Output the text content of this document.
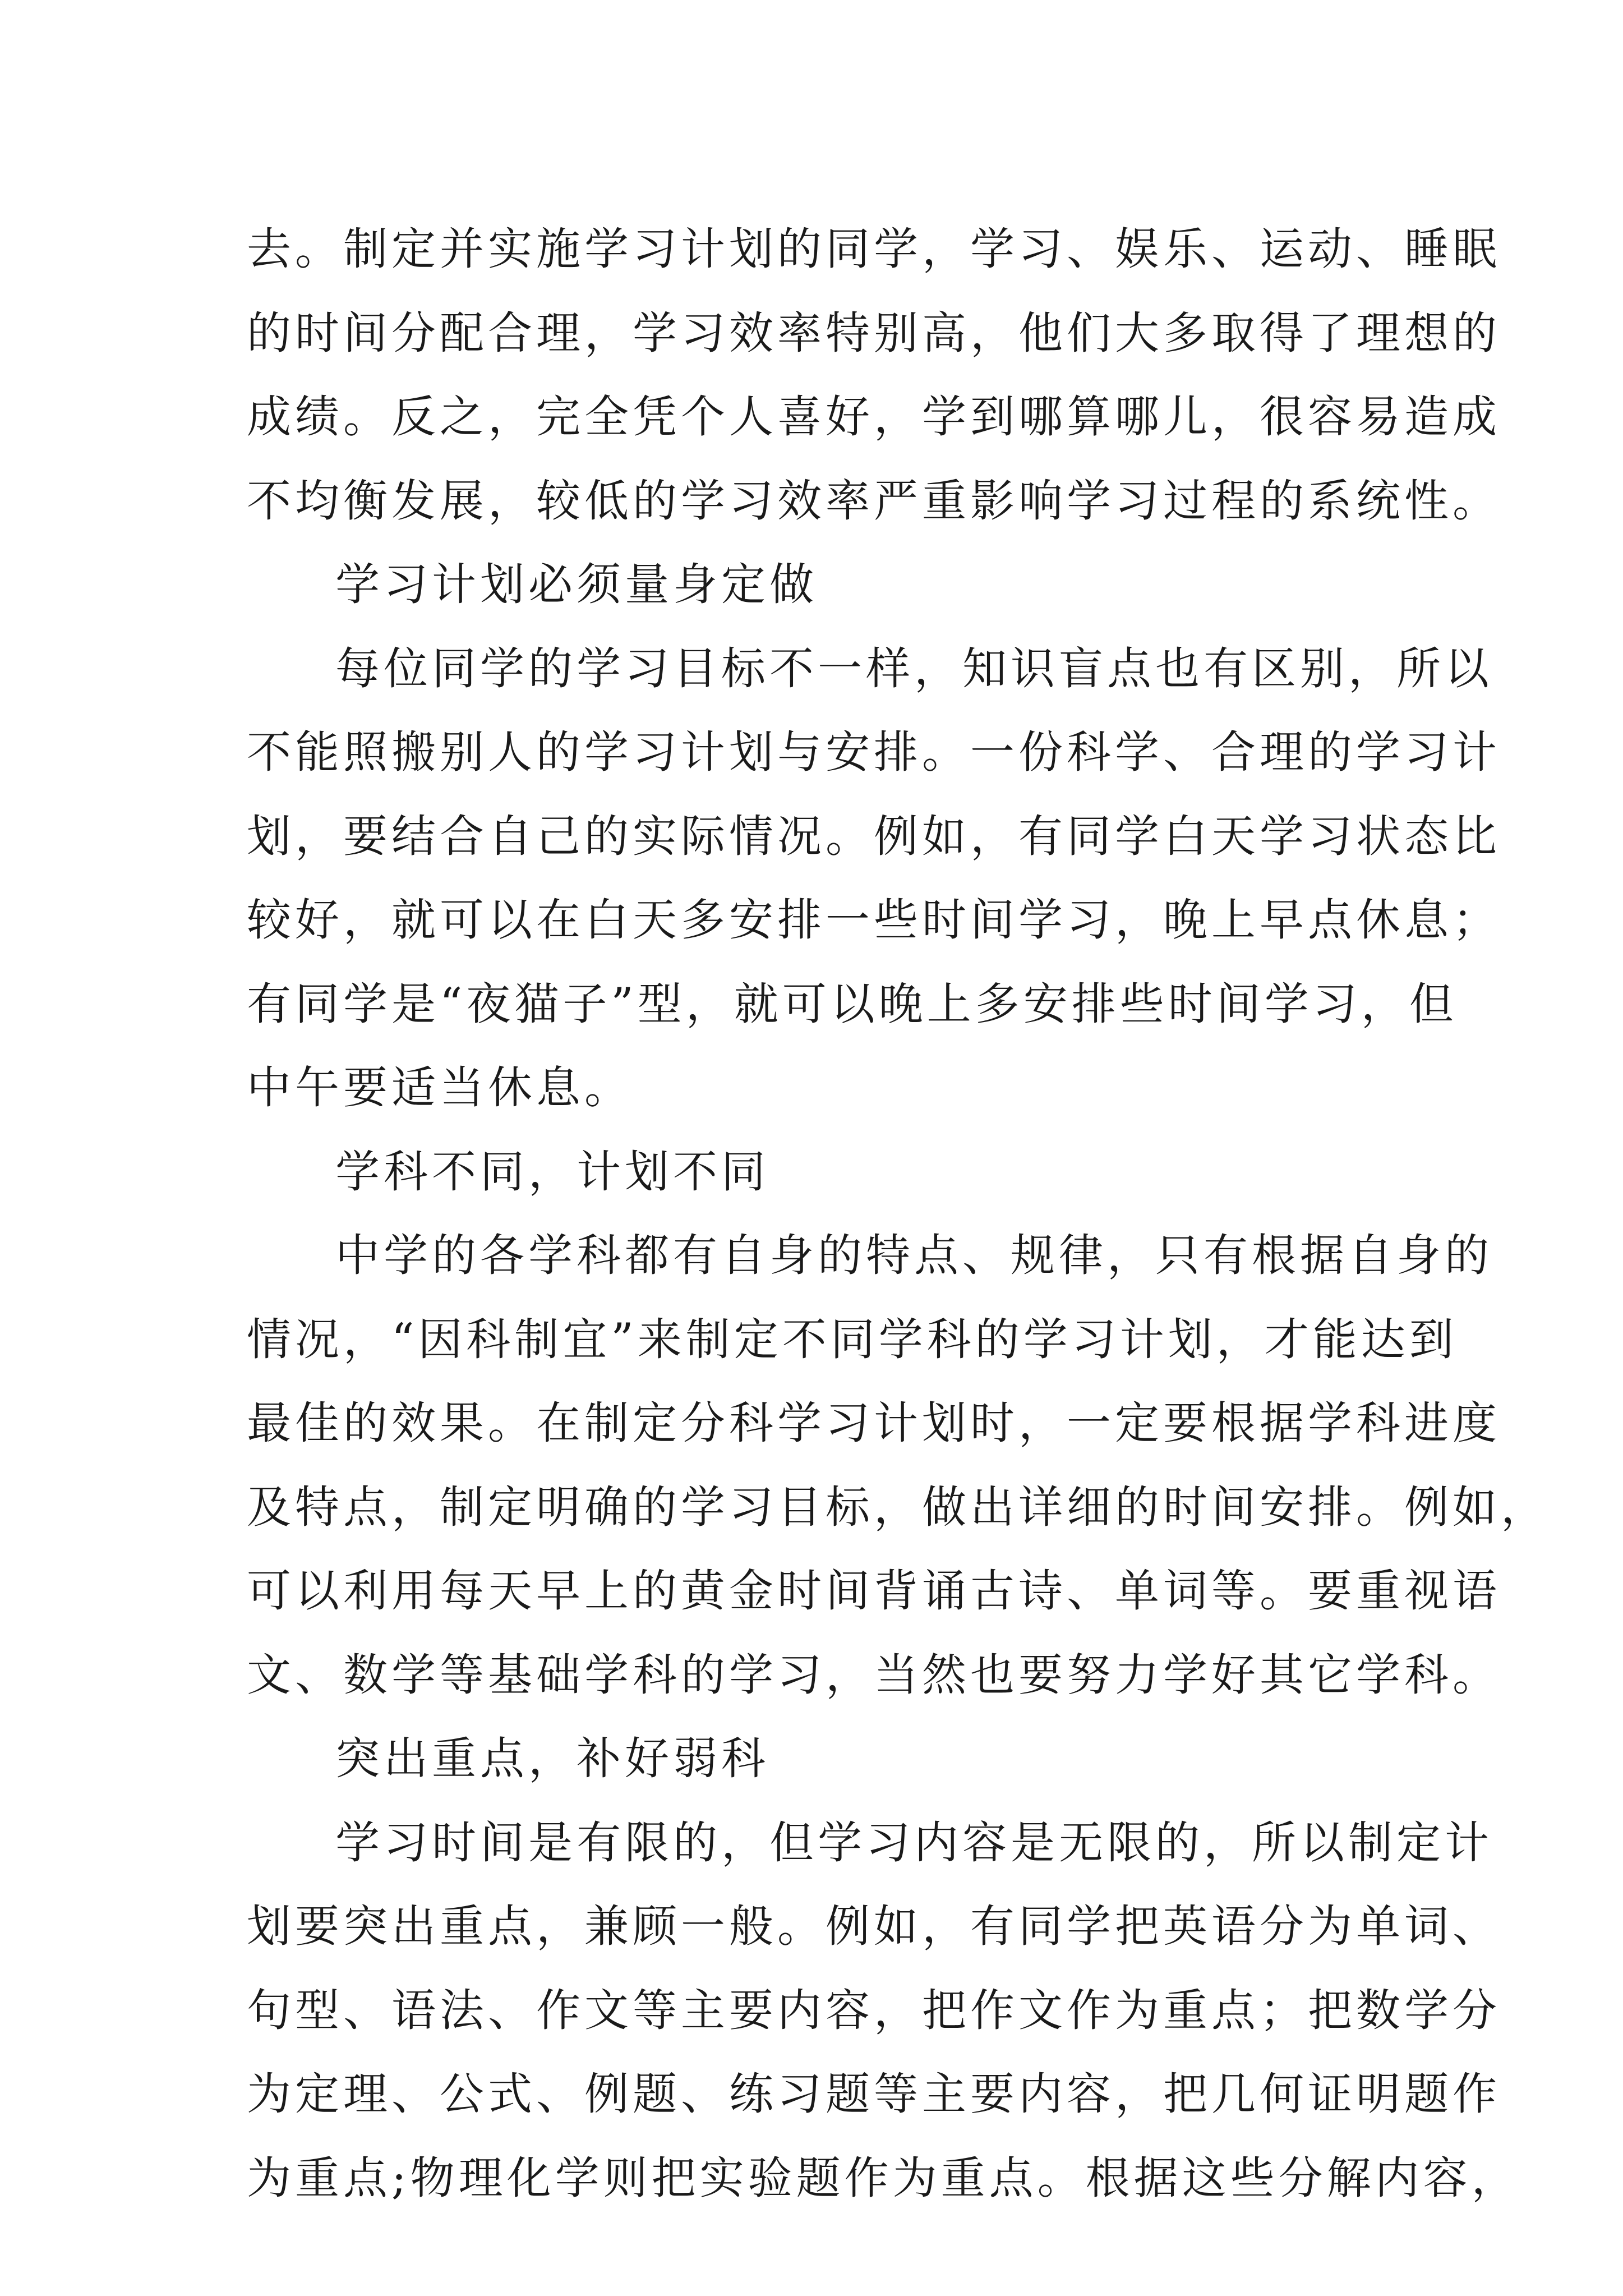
去。制定并实施学习计划的同学，学习、娱乐、运动、睡眠
的时间分配合理，学习效率特别高，他们大多取得了理想的
成绩。反之，完全凭个人喜好，学到哪算哪儿，很容易造成
不均衡发展，较低的学习效率严重影响学习过程的系统性。
学习计划必须量身定做
每位同学的学习目标不一样，知识盲点也有区别，所以
不能照搬别人的学习计划与安排。一份科学、合理的学习计
划，要结合自己的实际情况。例如，有同学白天学习状态比
较好，就可以在白天多安排一些时间学习，晚上早点休息；
有同学是“夜猫子”型，就可以晚上多安排些时间学习，但
中午要适当休息。
学科不同，计划不同
中学的各学科都有自身的特点、规律，只有根据自身的
情况，“因科制宜”来制定不同学科的学习计划，才能达到
最佳的效果。在制定分科学习计划时，一定要根据学科进度
及特点，制定明确的学习目标，做出详细的时间安排。例如，
可以利用每天早上的黄金时间背诵古诗、单词等。要重视语
文、数学等基础学科的学习，当然也要努力学好其它学科。
突出重点，补好弱科
学习时间是有限的，但学习内容是无限的，所以制定计
划要突出重点，兼顾一般。例如，有同学把英语分为单词、
句型、语法、作文等主要内容，把作文作为重点；把数学分
为定理、公式、例题、练习题等主要内容，把几何证明题作
为重点;物理化学则把实验题作为重点。根据这些分解内容，
